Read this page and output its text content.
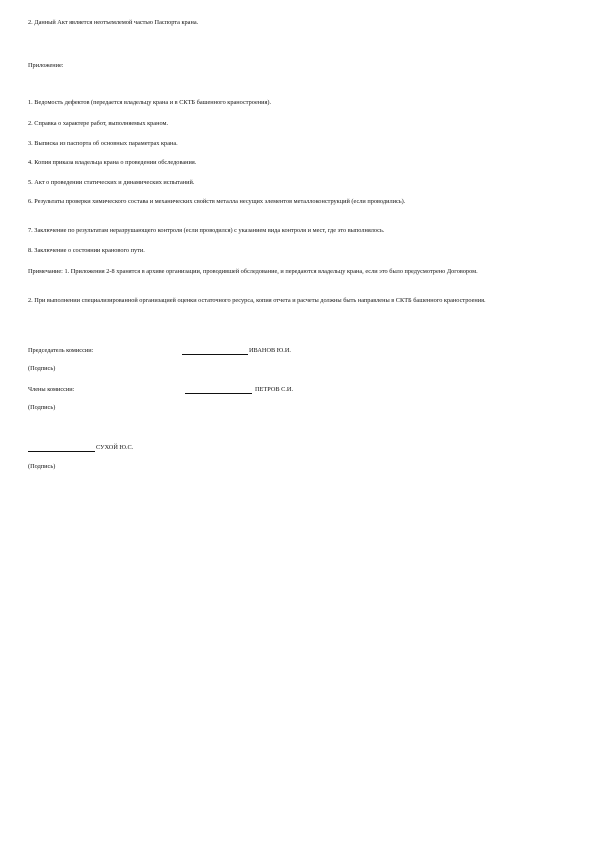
2. Данный Акт является неотъемлемой частью Паспорта крана.

Приложение:

1. Ведомость дефектов (передается владельцу крана и в СКТБ башенного краностроения).

2. Справка о характере работ, выполняемых краном.

3. Выписка из паспорта об основных параметрах крана.

4. Копия приказа владельца крана о проведении обследования.

5. Акт о проведении статических и динамических испытаний.

6. Результаты проверки химического состава и механических свойств металла несущих элементов металлоконструкций (если проводились).

7. Заключение по результатам неразрушающего контроля (если проводился) с указанием вида контроля и мест, где это выполнялось.

8. Заключение о состоянии кранового пути.

Примечание: 1. Приложения 2-8 хранятся в архиве организации, проводившей обследование, и передаются владельцу крана, если это было предусмотрено Договором.

2. При выполнении специализированной организацией оценки остаточного ресурса, копия отчета и расчеты должны быть направлены в СКТБ башенного краностроения.

Председатель комиссии:	ИВАНОВ Ю.И.

(Подпись)

Члены комиссии:	ПЕТРОВ С.И.

(Подпись)

СУХОЙ Ю.С.

(Подпись)
